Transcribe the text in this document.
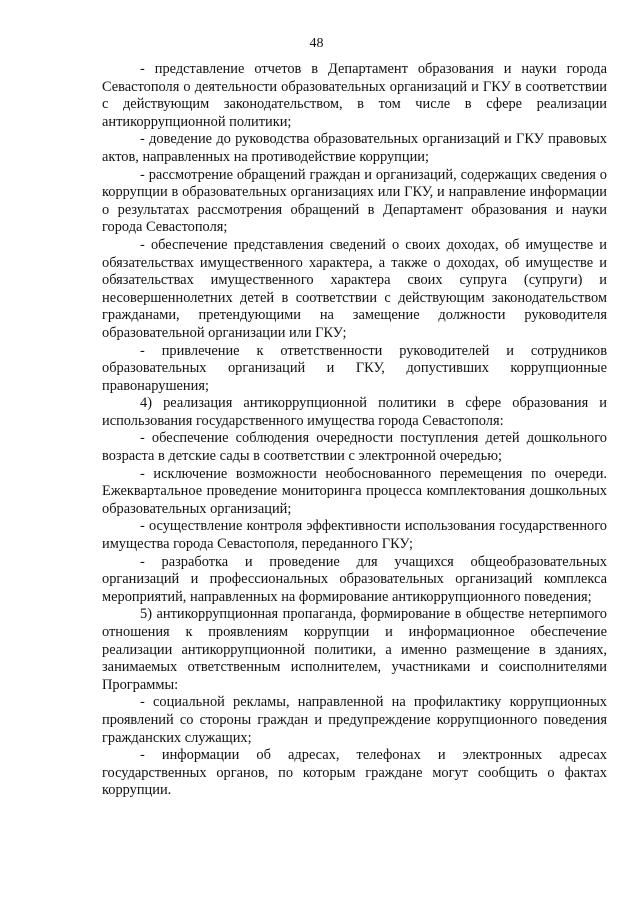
48

- представление отчетов в Департамент образования и науки города Севастополя о деятельности образовательных организаций и ГКУ в соответствии с действующим законодательством, в том числе в сфере реализации антикоррупционной политики;

- доведение до руководства образовательных организаций и ГКУ правовых актов, направленных на противодействие коррупции;

- рассмотрение обращений граждан и организаций, содержащих сведения о коррупции в образовательных организациях или ГКУ, и направление информации о результатах рассмотрения обращений в Департамент образования и науки города Севастополя;

- обеспечение представления сведений о своих доходах, об имуществе и обязательствах имущественного характера, а также о доходах, об имуществе и обязательствах имущественного характера своих супруга (супруги) и несовершеннолетних детей в соответствии с действующим законодательством гражданами, претендующими на замещение должности руководителя образовательной организации или ГКУ;

- привлечение к ответственности руководителей и сотрудников образовательных организаций и ГКУ, допустивших коррупционные правонарушения;

4) реализация антикоррупционной политики в сфере образования и использования государственного имущества города Севастополя:

- обеспечение соблюдения очередности поступления детей дошкольного возраста в детские сады в соответствии с электронной очередью;

- исключение возможности необоснованного перемещения по очереди. Ежеквартальное проведение мониторинга процесса комплектования дошкольных образовательных организаций;

- осуществление контроля эффективности использования государственного имущества города Севастополя, переданного ГКУ;

- разработка и проведение для учащихся общеобразовательных организаций и профессиональных образовательных организаций комплекса мероприятий, направленных на формирование антикоррупционного поведения;

5) антикоррупционная пропаганда, формирование в обществе нетерпимого отношения к проявлениям коррупции и информационное обеспечение реализации антикоррупционной политики, а именно размещение в зданиях, занимаемых ответственным исполнителем, участниками и соисполнителями Программы:

- социальной рекламы, направленной на профилактику коррупционных проявлений со стороны граждан и предупреждение коррупционного поведения гражданских служащих;

- информации об адресах, телефонах и электронных адресах государственных органов, по которым граждане могут сообщить о фактах коррупции.
